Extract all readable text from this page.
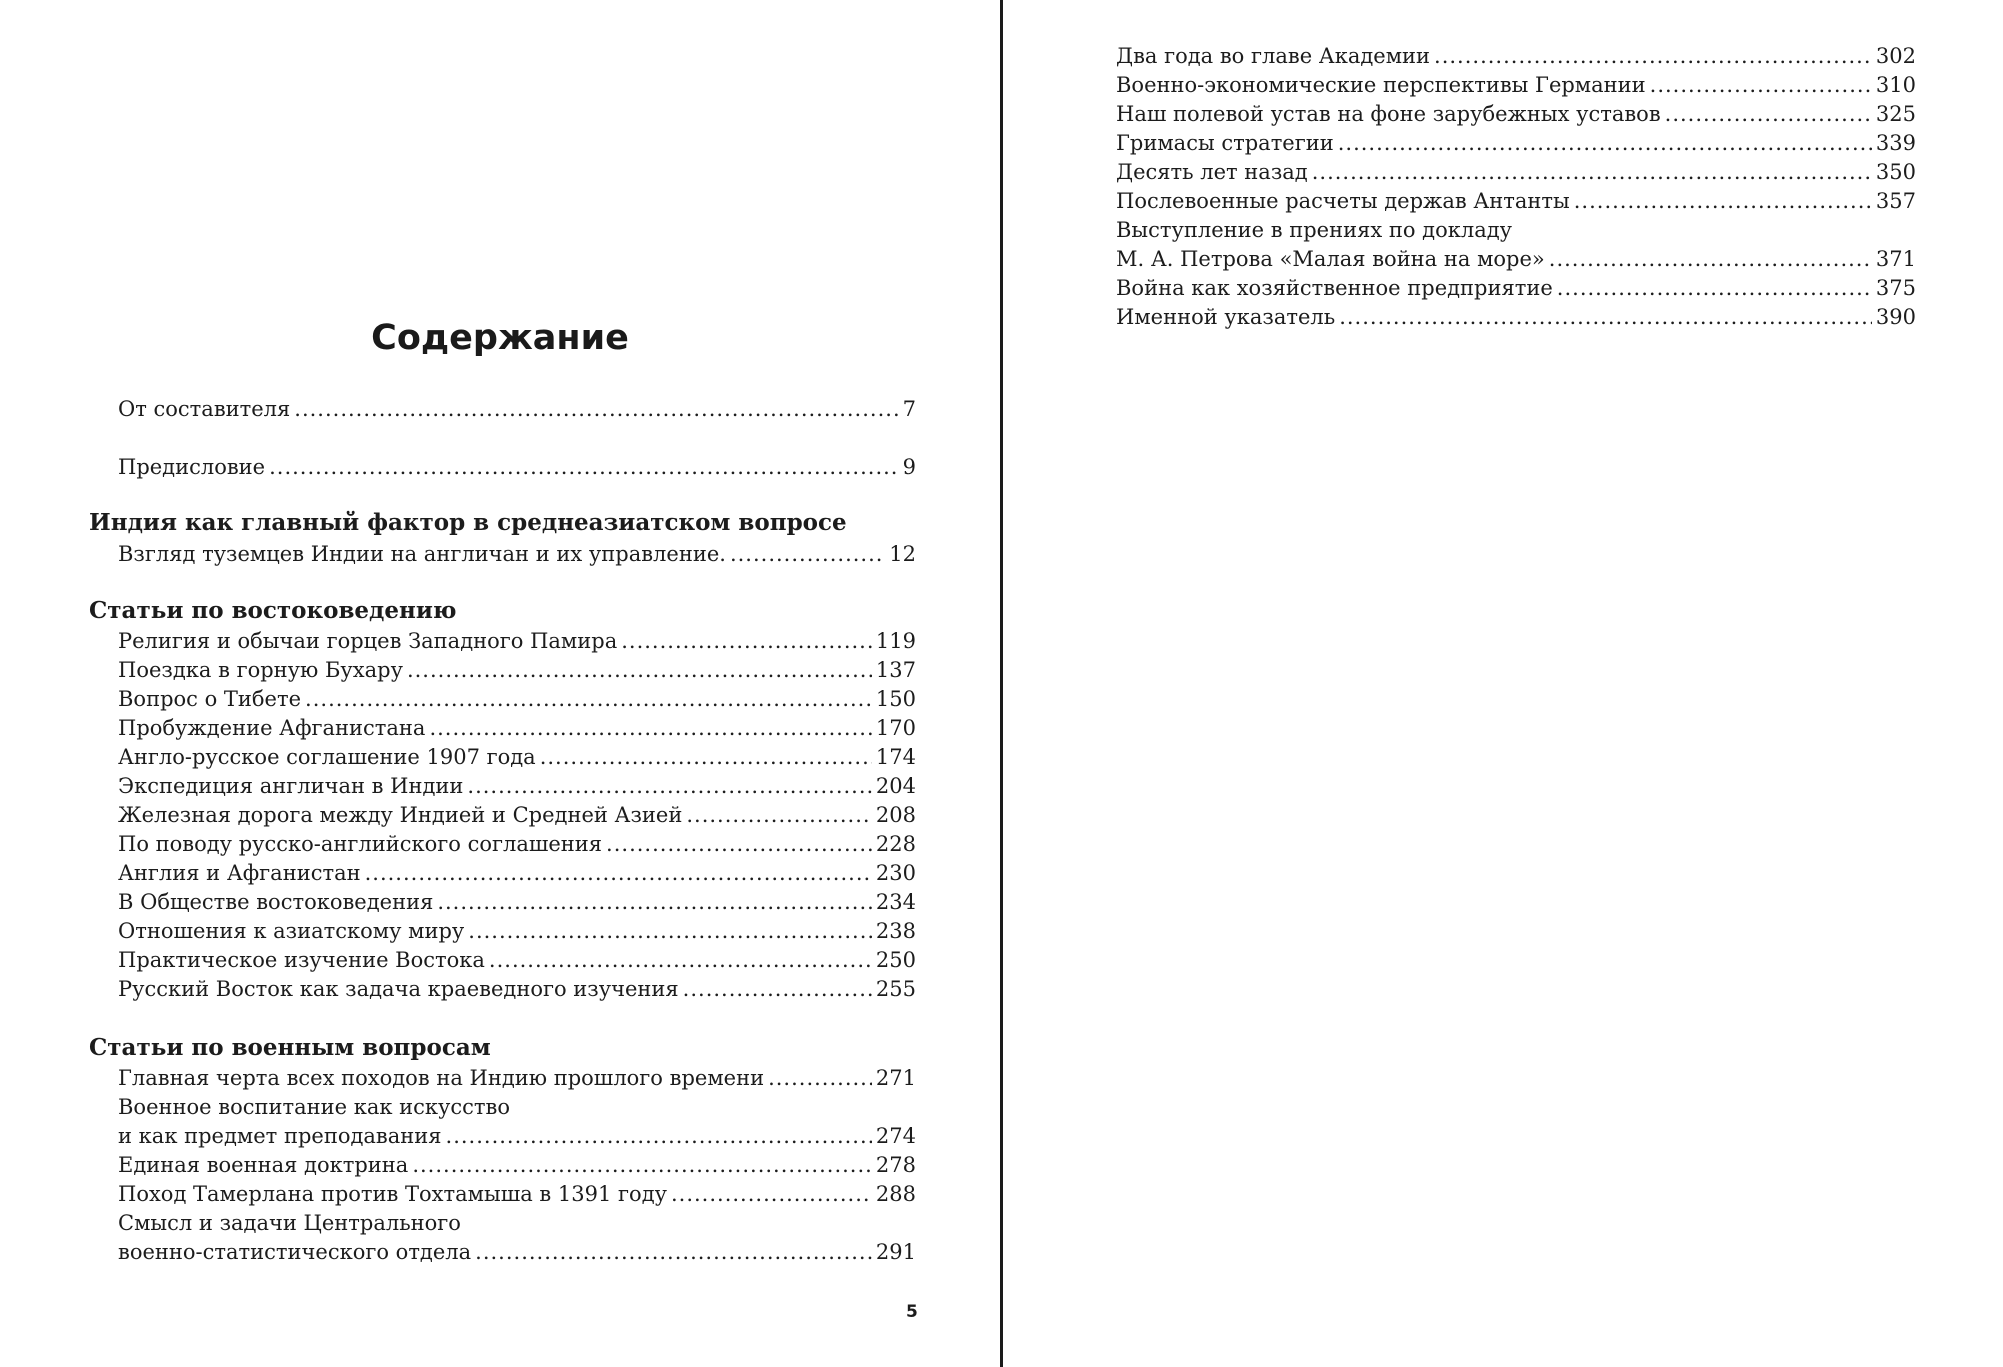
Содержание
От составителя .....	7
Предисловие .....	9
Индия как главный фактор в среднеазиатском вопросе
Взгляд туземцев Индии на англичан и их управление. .....	12
Статьи по востоковедению
Религия и обычаи горцев Западного Памира .....	119
Поездка в горную Бухару .....	137
Вопрос о Тибете .....	150
Пробуждение Афганистана .....	170
Англо-русское соглашение 1907 года .....	174
Экспедиция англичан в Индии .....	204
Железная дорога между Индией и Средней Азией .....	208
По поводу русско-английского соглашения .....	228
Англия и Афганистан .....	230
В Обществе востоковедения .....	234
Отношения к азиатскому миру .....	238
Практическое изучение Востока .....	250
Русский Восток как задача краеведного изучения .....	255
Статьи по военным вопросам
Главная черта всех походов на Индию прошлого времени .....	271
Военное воспитание как искусство
и как предмет преподавания .....	274
Единая военная доктрина .....	278
Поход Тамерлана против Тохтамыша в 1391 году .....	288
Смысл и задачи Центрального
военно-статистического отдела .....	291
5
Два года во главе Академии .....	302
Военно-экономические перспективы Германии .....	310
Наш полевой устав на фоне зарубежных уставов .....	325
Гримасы стратегии .....	339
Десять лет назад .....	350
Послевоенные расчеты держав Антанты .....	357
Выступление в прениях по докладу
М. А. Петрова «Малая война на море» .....	371
Война как хозяйственное предприятие .....	375
Именной указатель .....	390
